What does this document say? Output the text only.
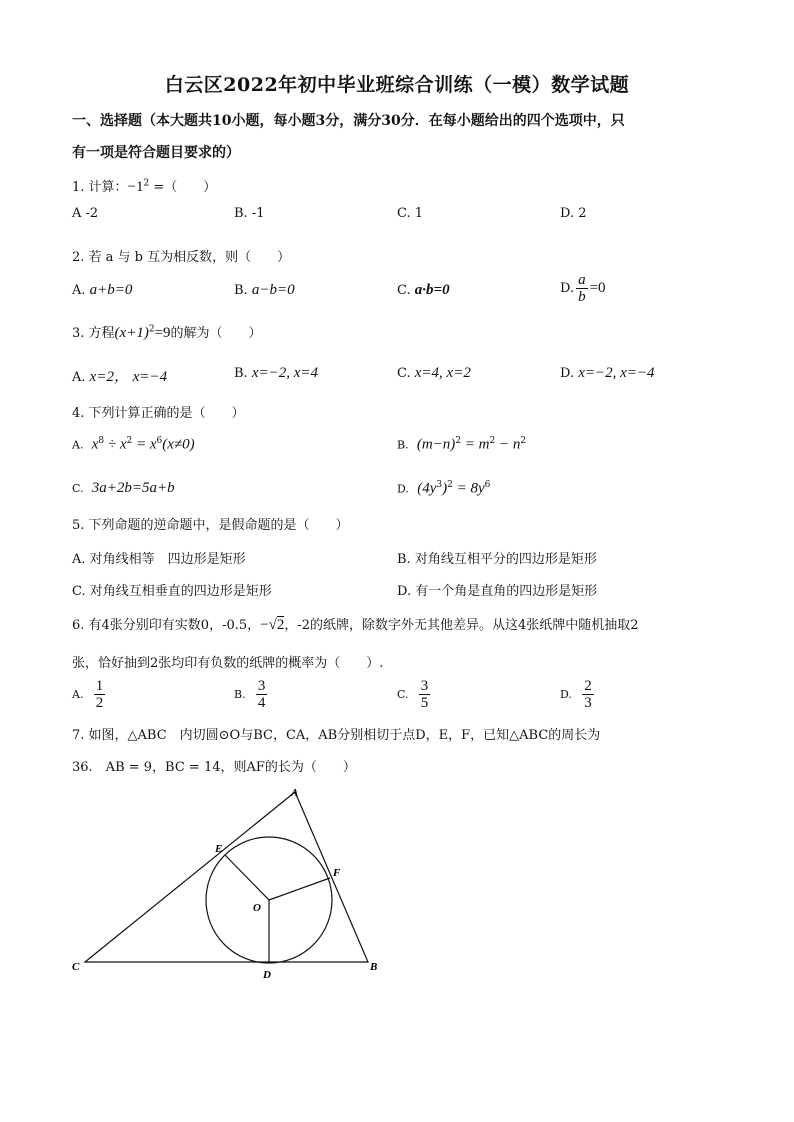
白云区2022年初中毕业班综合训练（一模）数学试题
一、选择题（本大题共10小题，每小题3分，满分30分．在每小题给出的四个选项中，只
有一项是符合题目要求的）
1. 计算：$-1^2$ =（　　）
A -2	B. -1	C. 1	D. 2
2. 若 a 与 b 互为相反数，则（　　）
A. a+b=0	B. a−b=0	C. a·b=0	D. $\frac{a}{b} =0$
3. 方程$(x+1)^2=9$的解为（　　）
A. x=2， x=−4	B. x=−2, x=4	C. x=4, x=2	D. x=−2, x=−4
4. 下列计算正确的是（　　）
A. $x^8 \div x^2 = x^6(x\ne 0)$	B. $(m-n)^2 = m^2 - n^2$
C. 3a+2b=5a+b	D. $(4y^3)^2 = 8y^6$
5. 下列命题的逆命题中，是假命题的是（　　）
A. 对角线相等　四边形是矩形	B. 对角线互相平分的四边形是矩形
C. 对角线互相垂直的四边形是矩形	D. 有一个角是直角的四边形是矩形
6. 有4张分别印有实数0，-0.5，−√2，-2的纸牌，除数字外无其他差异。从这4张纸牌中随机抽取2
张，恰好抽到2张均印有负数的纸牌的概率为（　　）.
A. $\frac{1}{2}$	B. $\frac{3}{4}$	C. $\frac{3}{5}$	D. $\frac{2}{3}$
7. 如图，△ABC　内切圆⊙O与BC，CA，AB分别相切于点D，E，F，已知△ABC的周长为
36.　AB = 9，BC = 14，则AF的长为（　　）
A
B
C
D
E
F
O
